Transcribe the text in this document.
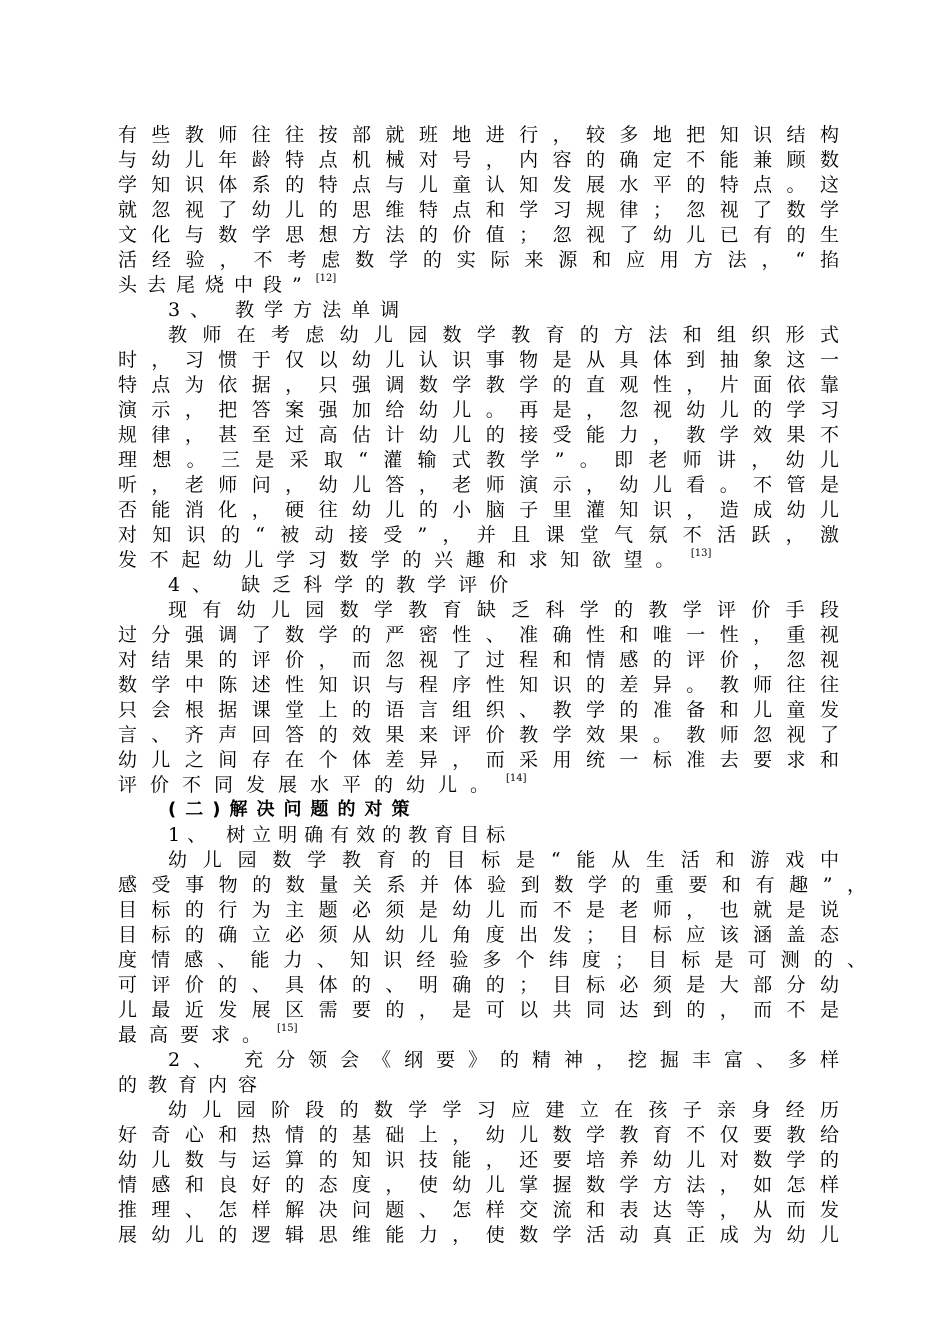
有些教师往往按部就班地进行，较多地把知识结构
与幼儿年龄特点机械对号，内容的确定不能兼顾数
学知识体系的特点与儿童认知发展水平的特点。这
就忽视了幼儿的思维特点和学习规律；忽视了数学
文化与数学思想方法的价值；忽视了幼儿已有的生
活经验，不考虑数学的实际来源和应用方法，“掐
头去尾烧中段” [12]
3、 教学方法单调
教师在考虑幼儿园数学教育的方法和组织形式
时，习惯于仅以幼儿认识事物是从具体到抽象这一
特点为依据，只强调数学教学的直观性，片面依靠
演示，把答案强加给幼儿。再是，忽视幼儿的学习
规律，甚至过高估计幼儿的接受能力，教学效果不
理想。三是采取“灌输式教学”。即老师讲，幼儿
听，老师问，幼儿答，老师演示，幼儿看。不管是
否能消化，硬往幼儿的小脑子里灌知识，造成幼儿
对知识的“被动接受”，并且课堂气氛不活跃，激
发不起幼儿学习数学的兴趣和求知欲望。 [13]
4、 缺乏科学的教学评价
现有幼儿园数学教育缺乏科学的教学评价手段
过分强调了数学的严密性、准确性和唯一性，重视
对结果的评价，而忽视了过程和情感的评价，忽视
数学中陈述性知识与程序性知识的差异。教师往往
只会根据课堂上的语言组织、教学的准备和儿童发
言、齐声回答的效果来评价教学效果。教师忽视了
幼儿之间存在个体差异，而采用统一标准去要求和
评价不同发展水平的幼儿。 [14]
(二)解决问题的对策
1、 树立明确有效的教育目标
幼儿园数学教育的目标是“能从生活和游戏中
感受事物的数量关系并体验到数学的重要和有趣”，
目标的行为主题必须是幼儿而不是老师，也就是说
目标的确立必须从幼儿角度出发；目标应该涵盖态
度情感、能力、知识经验多个纬度；目标是可测的、
可评价的、具体的、明确的；目标必须是大部分幼
儿最近发展区需要的，是可以共同达到的，而不是
最高要求。 [15]
2、 充分领会《纲要》的精神，挖掘丰富、多样
的教育内容
幼儿园阶段的数学学习应建立在孩子亲身经历
好奇心和热情的基础上，幼儿数学教育不仅要教给
幼儿数与运算的知识技能，还要培养幼儿对数学的
情感和良好的态度，使幼儿掌握数学方法，如怎样
推理、怎样解决问题、怎样交流和表达等，从而发
展幼儿的逻辑思维能力，使数学活动真正成为幼儿
